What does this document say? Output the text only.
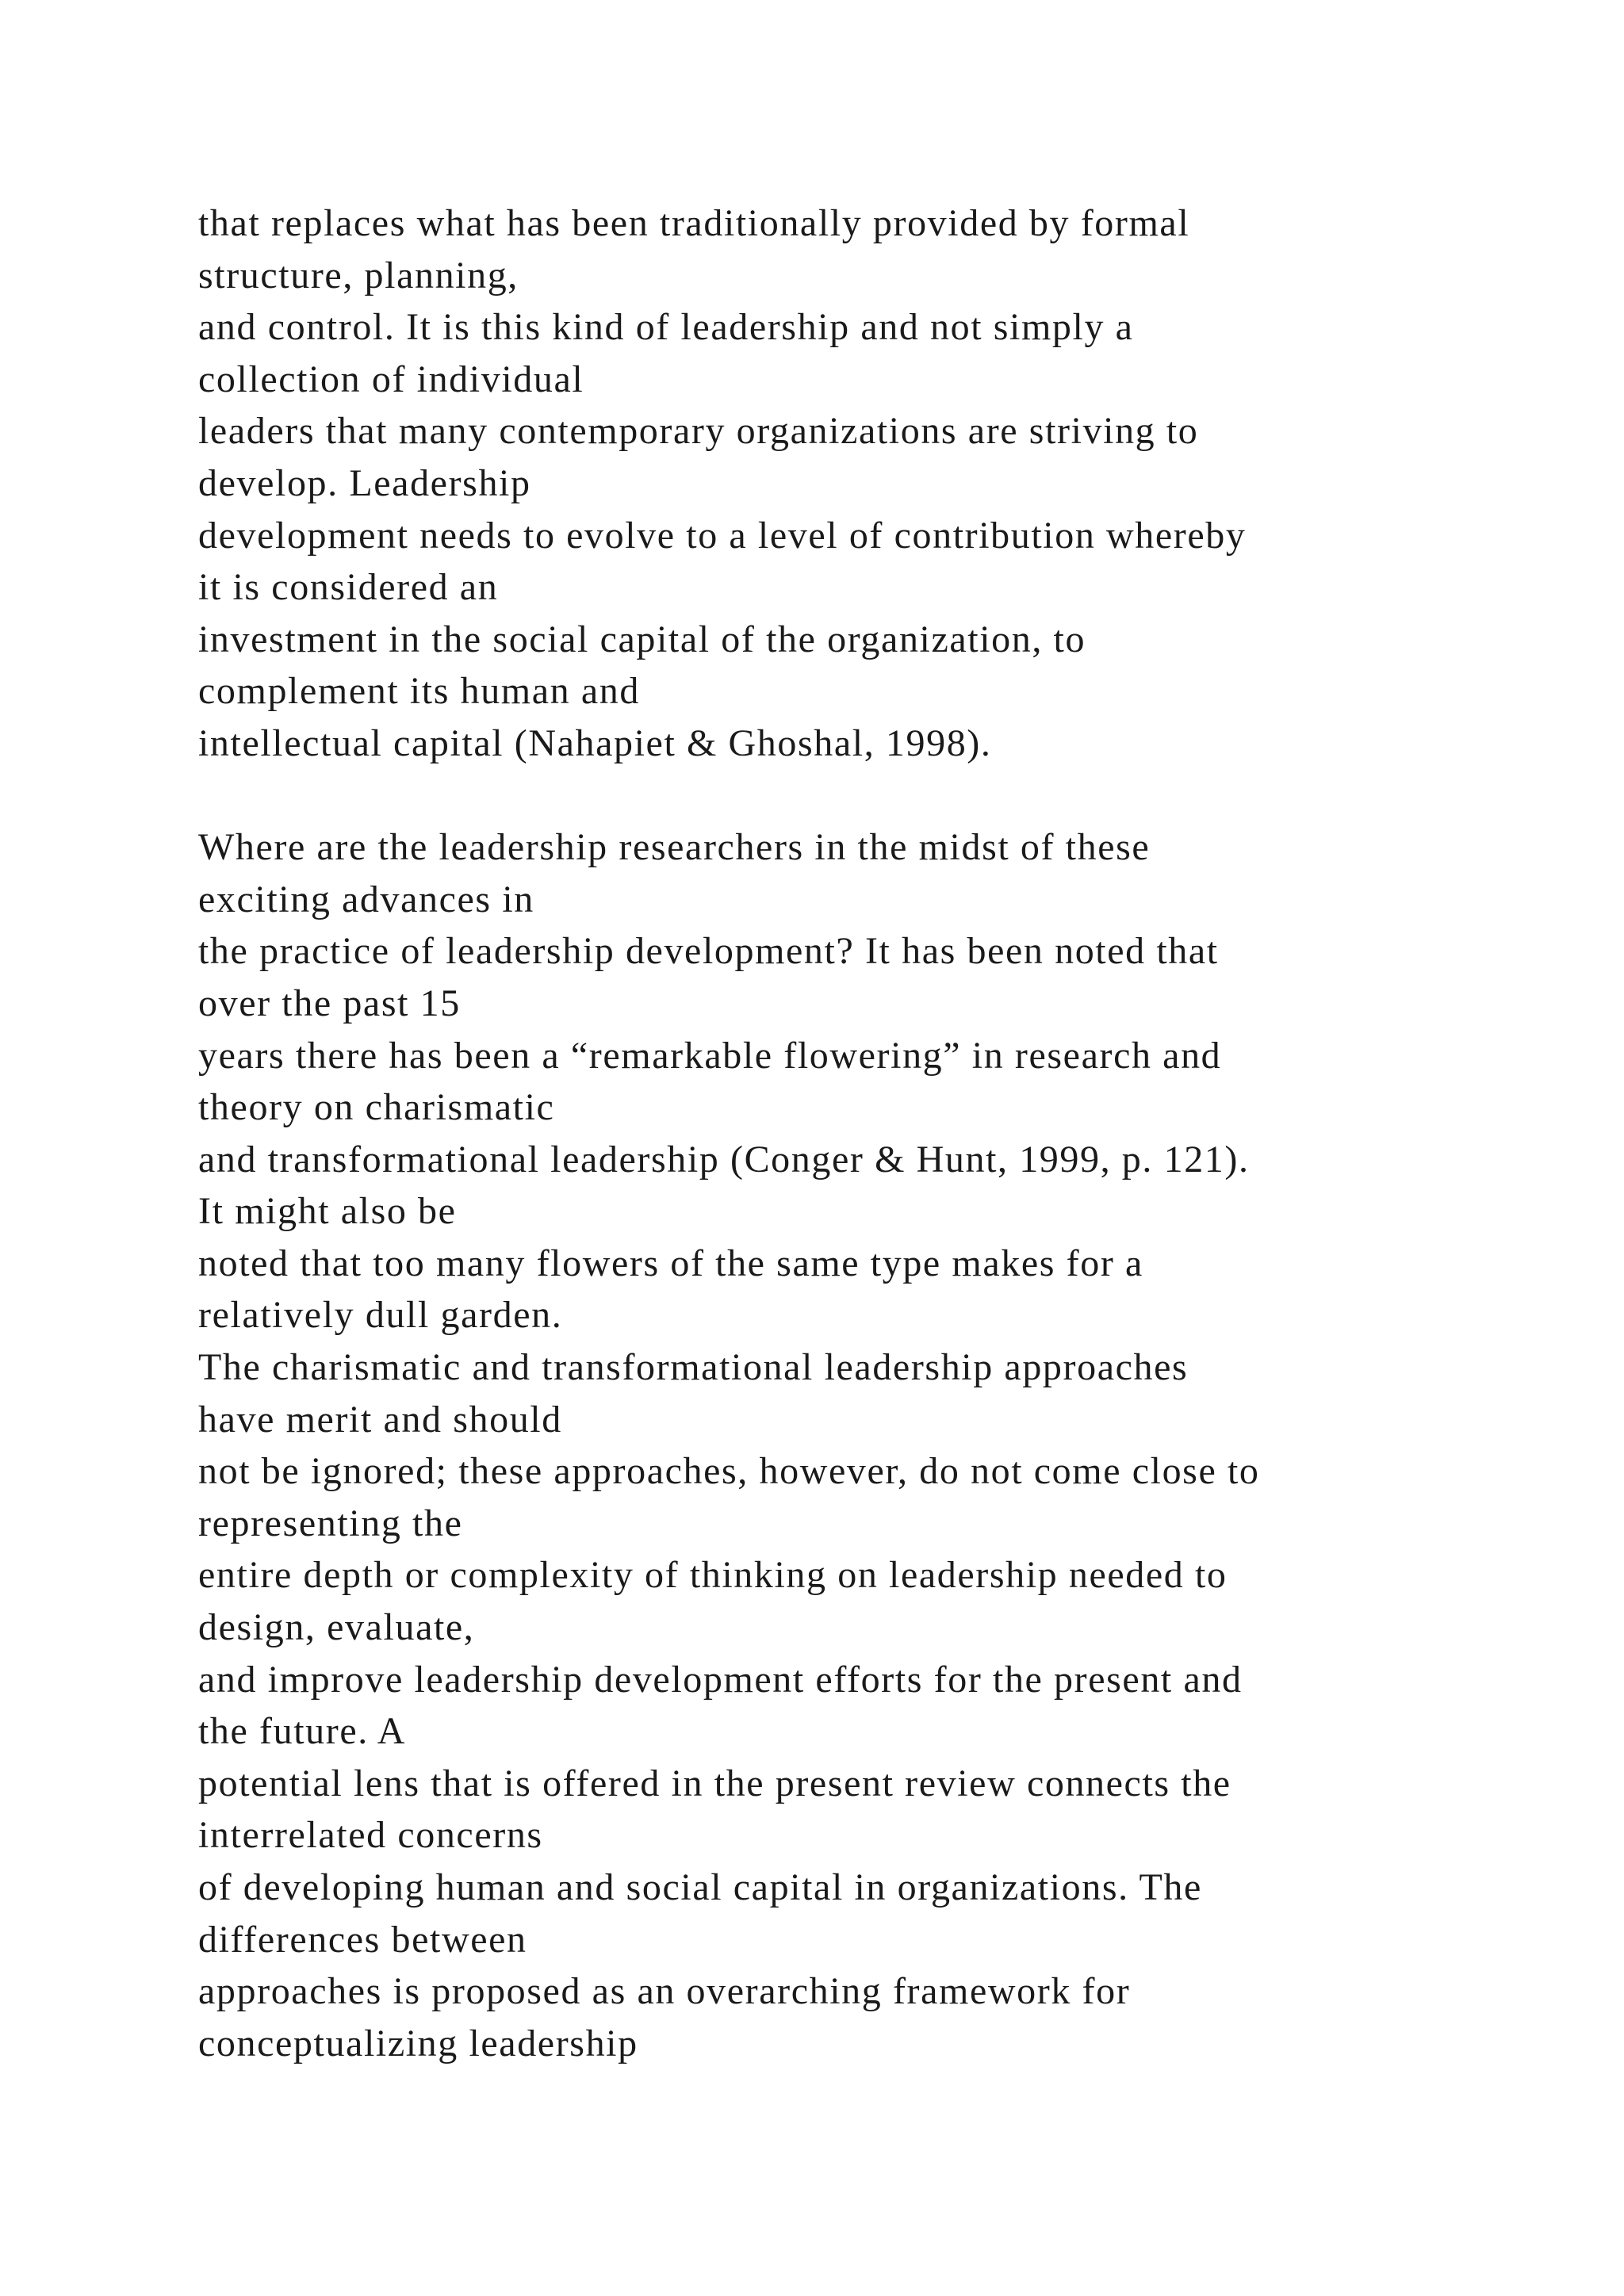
that replaces what has been traditionally provided by formal
structure, planning,
and control. It is this kind of leadership and not simply a
collection of individual
leaders that many contemporary organizations are striving to
develop. Leadership
development needs to evolve to a level of contribution whereby
it is considered an
investment in the social capital of the organization, to
complement its human and
intellectual capital (Nahapiet & Ghoshal, 1998).
Where are the leadership researchers in the midst of these
exciting advances in
the practice of leadership development? It has been noted that
over the past 15
years there has been a “remarkable flowering” in research and
theory on charismatic
and transformational leadership (Conger & Hunt, 1999, p. 121).
It might also be
noted that too many flowers of the same type makes for a
relatively dull garden.
The charismatic and transformational leadership approaches
have merit and should
not be ignored; these approaches, however, do not come close to
representing the
entire depth or complexity of thinking on leadership needed to
design, evaluate,
and improve leadership development efforts for the present and
the future. A
potential lens that is offered in the present review connects the
interrelated concerns
of developing human and social capital in organizations. The
differences between
approaches is proposed as an overarching framework for
conceptualizing leadership
